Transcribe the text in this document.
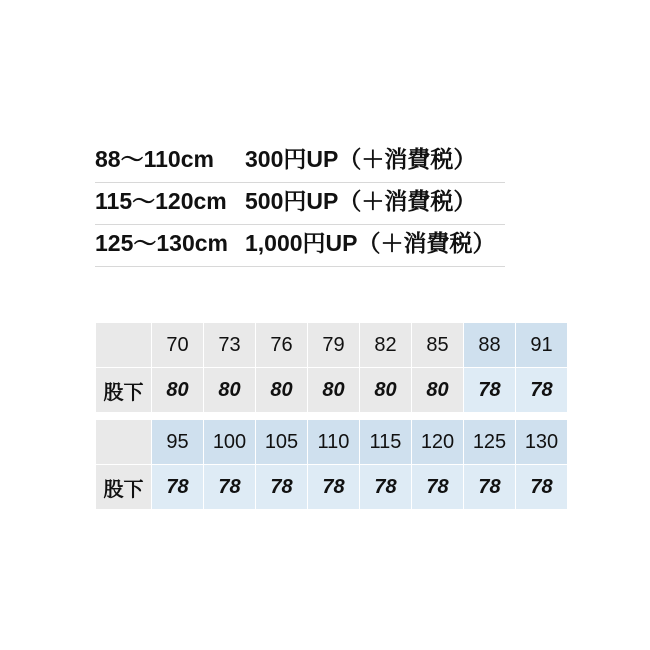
88〜110cm	300円UP（＋消費税）
115〜120cm 500円UP（＋消費税）
125〜130cm 1,000円UP（＋消費税）
	70	73	76	79	82	85	88	91
股下	80	80	80	80	80	80	78	78
	95	100	105	110	115	120	125	130
股下	78	78	78	78	78	78	78	78
